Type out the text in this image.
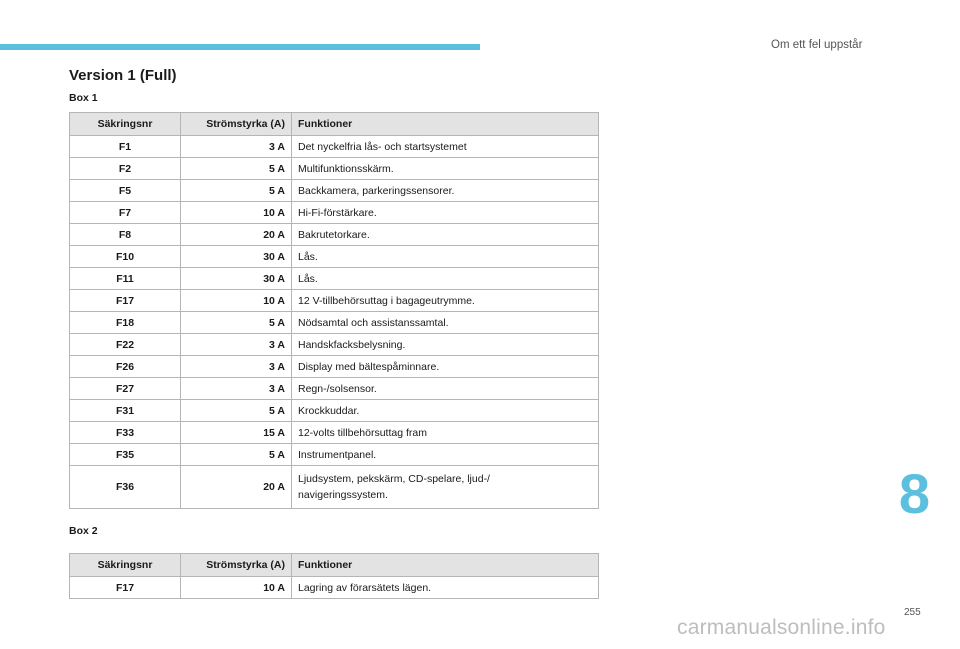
Om ett fel uppstår
Version 1 (Full)
Box 1
Säkringsnr	Strömstyrka (A)	Funktioner
F1	3 A	Det nyckelfria lås- och startsystemet
F2	5 A	Multifunktionsskärm.
F5	5 A	Backkamera, parkeringssensorer.
F7	10 A	Hi-Fi-förstärkare.
F8	20 A	Bakrutetorkare.
F10	30 A	Lås.
F11	30 A	Lås.
F17	10 A	12 V-tillbehörsuttag i bagageutrymme.
F18	5 A	Nödsamtal och assistanssamtal.
F22	3 A	Handskfacksbelysning.
F26	3 A	Display med bältespåminnare.
F27	3 A	Regn-/solsensor.
F31	5 A	Krockkuddar.
F33	15 A	12-volts tillbehörsuttag fram
F35	5 A	Instrumentpanel.
F36	20 A	Ljudsystem, pekskärm, CD-spelare, ljud-/
navigeringssystem.
Box 2
Säkringsnr	Strömstyrka (A)	Funktioner
F17	10 A	Lagring av förarsätets lägen.
8
255
carmanualsonline.info
